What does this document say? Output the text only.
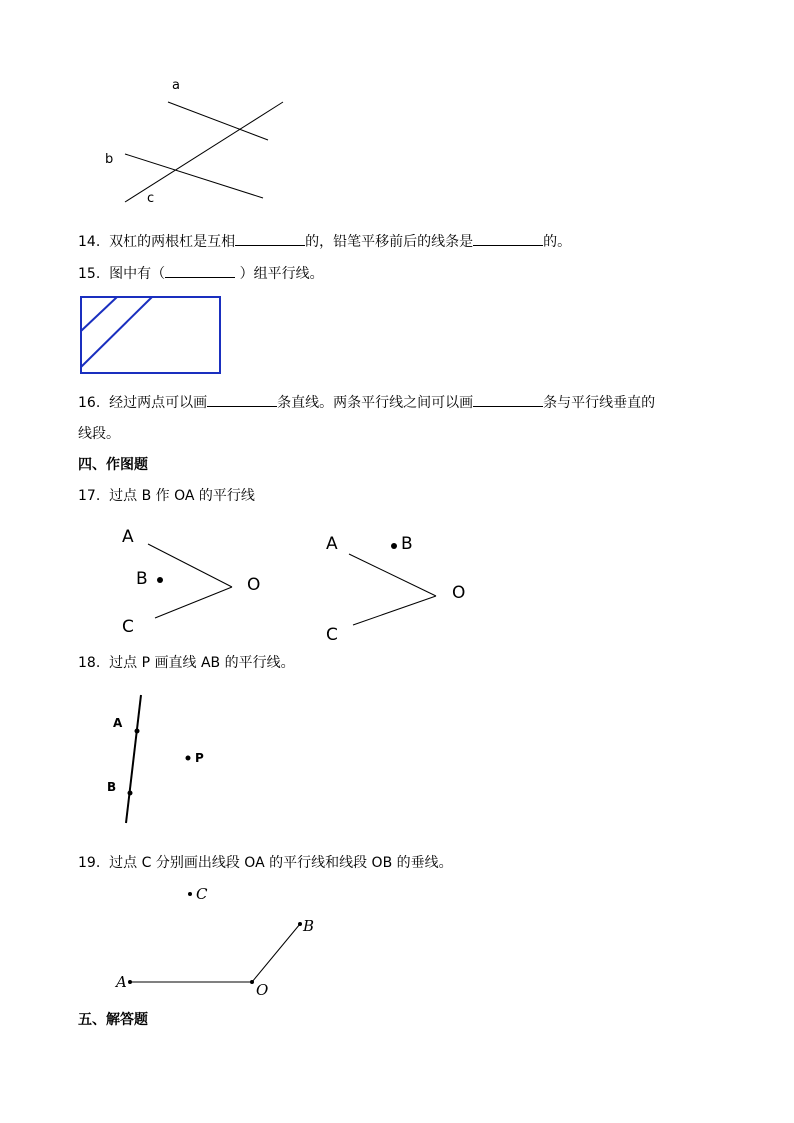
a
b
c
14. 双杠的两根杠是互相	的，铅笔平移前后的线条是	的。
15. 图中有（	）组平行线。
16. 经过两点可以画	条直线。两条平行线之间可以画	条与平行线垂直的
线段。
四、作图题
17. 过点 B 作 OA 的平行线
A
B
C
O
A	B
C
O
18. 过点 P 画直线 AB 的平行线。
A
B
P
19. 过点 C 分别画出线段 OA 的平行线和线段 OB 的垂线。
A	O
B
C
五、解答题
